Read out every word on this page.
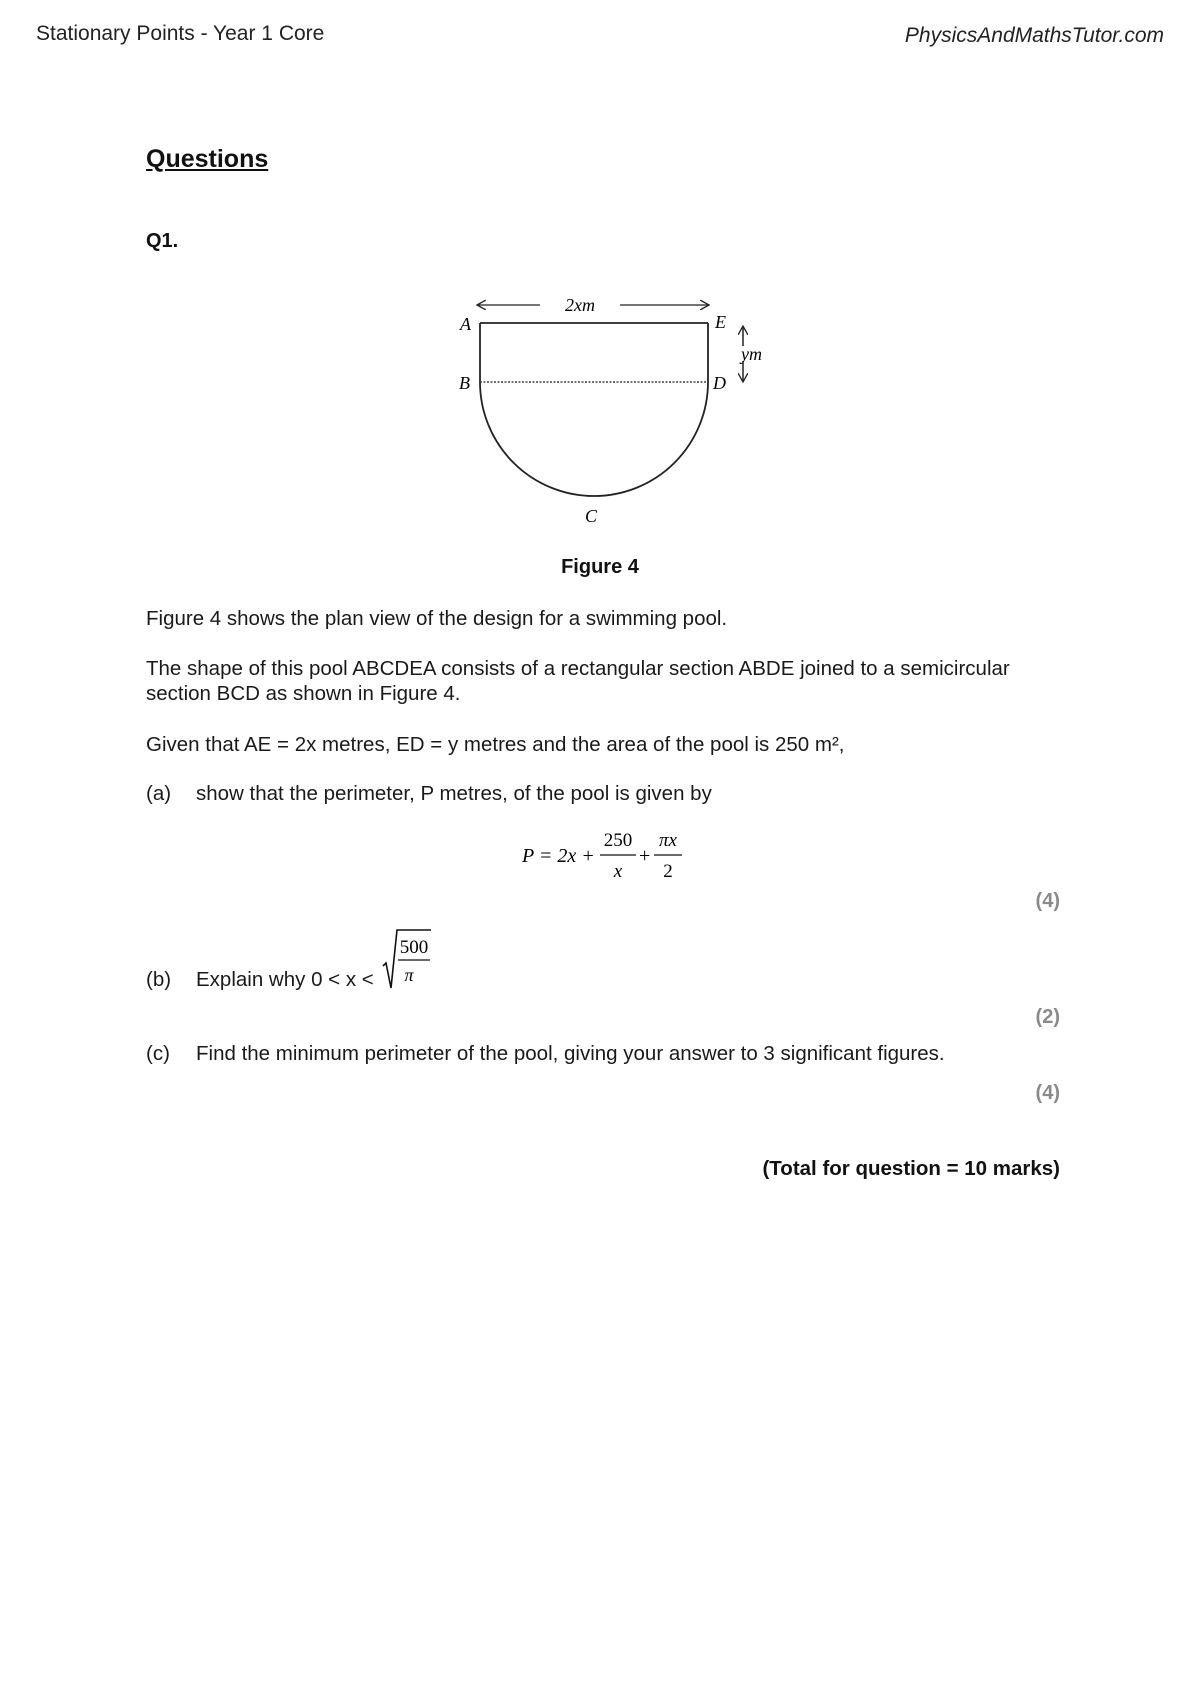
Stationary Points - Year 1 Core	PhysicsAndMathsTutor.com
Questions
Q1.
2xm
ym
A	E
B	D
C
Figure 4
Figure 4 shows the plan view of the design for a swimming pool.
The shape of this pool ABCDEA consists of a rectangular section ABDE joined to a semicircular section BCD as shown in Figure 4.
Given that AE = 2x metres, ED = y metres and the area of the pool is 250 m²,
(a) show that the perimeter, P metres, of the pool is given by
P = 2x +
250
x
+
πx
2
(4)
(b) Explain why 0 < x <
500
π
(2)
(c) Find the minimum perimeter of the pool, giving your answer to 3 significant figures.
(4)
(Total for question = 10 marks)
